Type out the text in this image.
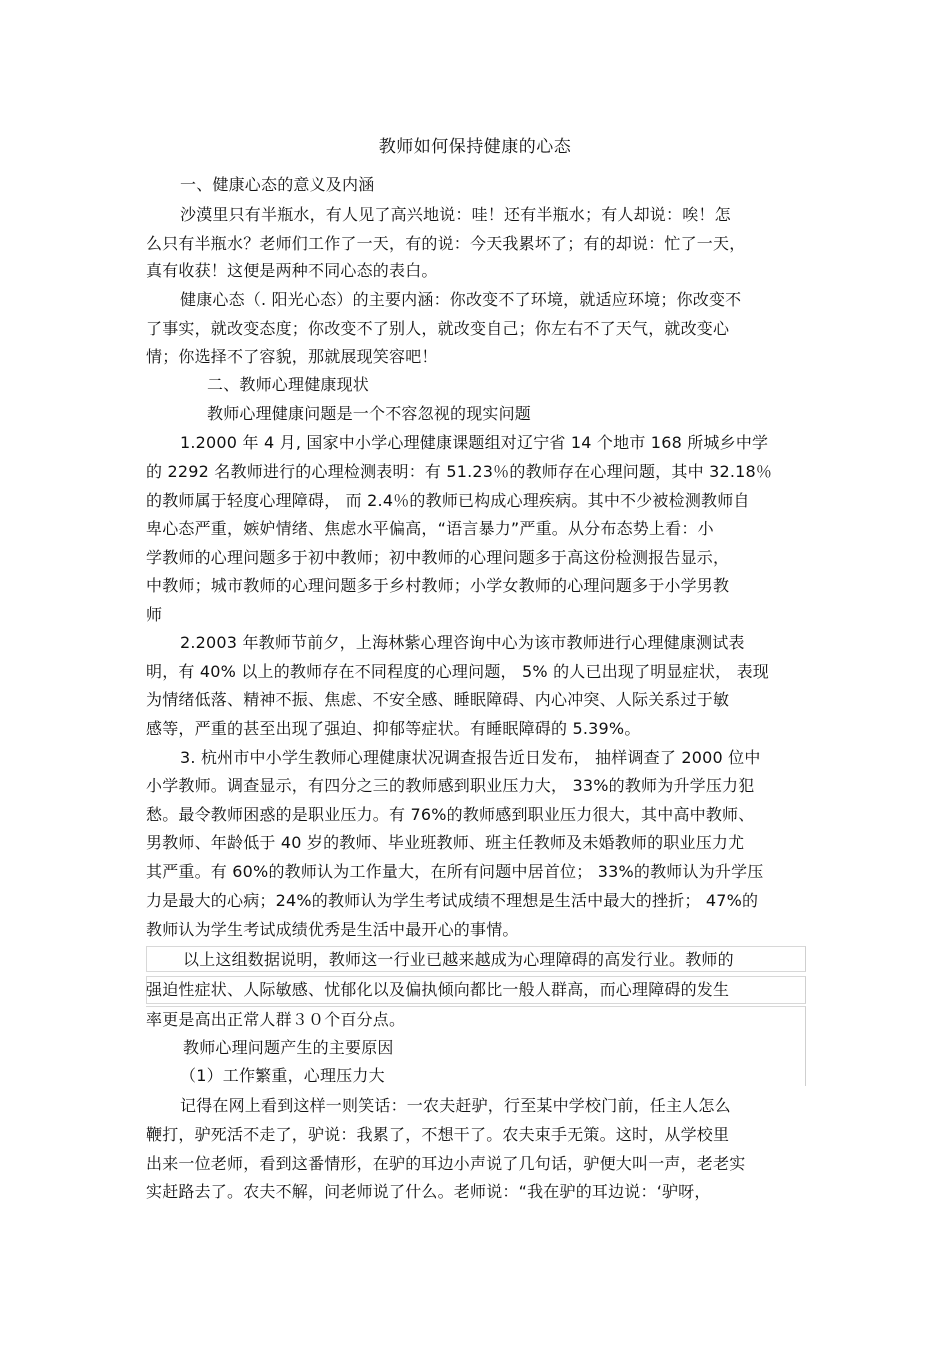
教师如何保持健康的心态
一、健康心态的意义及内涵
沙漠里只有半瓶水，有人见了高兴地说：哇！还有半瓶水；有人却说：唉！怎
么只有半瓶水？老师们工作了一天，有的说：今天我累坏了；有的却说：忙了一天，
真有收获！这便是两种不同心态的表白。
健康心态（. 阳光心态）的主要内涵：你改变不了环境，就适应环境；你改变不
了事实，就改变态度；你改变不了别人，就改变自己；你左右不了天气，就改变心
情；你选择不了容貌，那就展现笑容吧！
二、教师心理健康现状
教师心理健康问题是一个不容忽视的现实问题
1.2000 年 4 月, 国家中小学心理健康课题组对辽宁省 14 个地市 168 所城乡中学
的 2292 名教师进行的心理检测表明：有 51.23％的教师存在心理问题，其中 32.18％
的教师属于轻度心理障碍， 而 2.4％的教师已构成心理疾病。其中不少被检测教师自
卑心态严重，嫉妒情绪、焦虑水平偏高，“语言暴力”严重。从分布态势上看：小
学教师的心理问题多于初中教师；初中教师的心理问题多于高这份检测报告显示，
中教师；城市教师的心理问题多于乡村教师；小学女教师的心理问题多于小学男教
师
2.2003 年教师节前夕，上海林紫心理咨询中心为该市教师进行心理健康测试表
明，有 40% 以上的教师存在不同程度的心理问题， 5% 的人已出现了明显症状， 表现
为情绪低落、精神不振、焦虑、不安全感、睡眠障碍、内心冲突、人际关系过于敏
感等，严重的甚至出现了强迫、抑郁等症状。有睡眠障碍的 5.39%。
3. 杭州市中小学生教师心理健康状况调查报告近日发布， 抽样调查了 2000 位中
小学教师。调查显示，有四分之三的教师感到职业压力大， 33%的教师为升学压力犯
愁。最令教师困惑的是职业压力。有 76%的教师感到职业压力很大，其中高中教师、
男教师、年龄低于 40 岁的教师、毕业班教师、班主任教师及未婚教师的职业压力尤
其严重。有 60%的教师认为工作量大，在所有问题中居首位； 33%的教师认为升学压
力是最大的心病；24%的教师认为学生考试成绩不理想是生活中最大的挫折； 47%的
教师认为学生考试成绩优秀是生活中最开心的事情。
以上这组数据说明，教师这一行业已越来越成为心理障碍的高发行业。教师的
强迫性症状、人际敏感、忧郁化以及偏执倾向都比一般人群高，而心理障碍的发生
率更是高出正常人群３０个百分点。
教师心理问题产生的主要原因
（1）工作繁重，心理压力大
记得在网上看到这样一则笑话：一农夫赶驴，行至某中学校门前，任主人怎么
鞭打，驴死活不走了，驴说：我累了，不想干了。农夫束手无策。这时，从学校里
出来一位老师，看到这番情形，在驴的耳边小声说了几句话，驴便大叫一声，老老实
实赶路去了。农夫不解，问老师说了什么。老师说：“我在驴的耳边说：‘驴呀，
